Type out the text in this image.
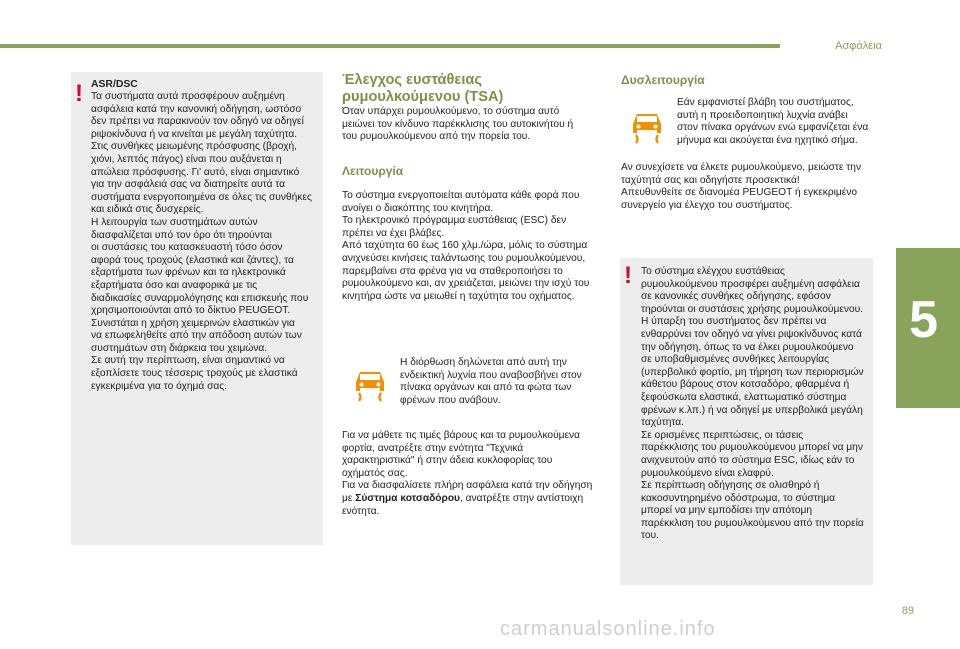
Ασφάλεια
5
89
carmanualsonline.info
! ASR/DSC
Τα συστήματα αυτά προσφέρουν αυξημένη
ασφάλεια κατά την κανονική οδήγηση, ωστόσο
δεν πρέπει να παρακινούν τον οδηγό να οδηγεί
ριψοκίνδυνα ή να κινείται με μεγάλη ταχύτητα.
Στις συνθήκες μειωμένης πρόσφυσης (βροχή,
χιόνι, λεπτός πάγος) είναι που αυξάνεται η
απώλεια πρόσφυσης. Γι' αυτό, είναι σημαντικό
για την ασφάλειά σας να διατηρείτε αυτά τα
συστήματα ενεργοποιημένα σε όλες τις συνθήκες
και ειδικά στις δυσχερείς.
Η λειτουργία των συστημάτων αυτών
διασφαλίζεται υπό τον όρο ότι τηρούνται
οι συστάσεις του κατασκευαστή τόσο όσον
αφορά τους τροχούς (ελαστικά και ζάντες), τα
εξαρτήματα των φρένων και τα ηλεκτρονικά
εξαρτήματα όσο και αναφορικά με τις
διαδικασίες συναρμολόγησης και επισκευής που
χρησιμοποιούνται από το δίκτυο PEUGEOT.
Συνιστάται η χρήση χειμερινών ελαστικών για
να επωφεληθείτε από την απόδοση αυτών των
συστημάτων στη διάρκεια του χειμώνα.
Σε αυτή την περίπτωση, είναι σημαντικό να
εξοπλίσετε τους τέσσερις τροχούς με ελαστικά
εγκεκριμένα για το όχημά σας.
Έλεγχος ευστάθειας ρυμουλκούμενου (TSA)
Όταν υπάρχει ρυμουλκούμενο, το σύστημα αυτό
μειώνει τον κίνδυνο παρέκκλισης του αυτοκινήτου ή
του ρυμουλκούμενου από την πορεία του.
Λειτουργία
Το σύστημα ενεργοποιείται αυτόματα κάθε φορά που
ανοίγει ο διακόπτης του κινητήρα.
Το ηλεκτρονικό πρόγραμμα ευστάθειας (ESC) δεν
πρέπει να έχει βλάβες.
Από ταχύτητα 60 έως 160 χλμ./ώρα, μόλις το σύστημα
ανιχνεύσει κινήσεις ταλάντωσης του ρυμουλκούμενου,
παρεμβαίνει στα φρένα για να σταθεροποιήσει το
ρυμουλκούμενο και, αν χρειάζεται, μειώνει την ισχύ του
κινητήρα ώστε να μειωθεί η ταχύτητα του οχήματος.
Η διόρθωση δηλώνεται από αυτή την
ενδεικτική λυχνία που αναβοσβήνει στον
πίνακα οργάνων και από τα φώτα των
φρένων που ανάβουν.
Για να μάθετε τις τιμές βάρους και τα ρυμουλκούμενα
φορτία, ανατρέξτε στην ενότητα "Τεχνικά
χαρακτηριστικά" ή στην άδεια κυκλοφορίας του
οχήματός σας.
Για να διασφαλίσετε πλήρη ασφάλεια κατά την οδήγηση
με Σύστημα κοτσαδόρου, ανατρέξτε στην αντίστοιχη
ενότητα.
Δυσλειτουργία
Εάν εμφανιστεί βλάβη του συστήματος,
αυτή η προειδοποιητική λυχνία ανάβει
στον πίνακα οργάνων ενώ εμφανίζεται ένα
μήνυμα και ακούγεται ένα ηχητικό σήμα.
Αν συνεχίσετε να έλκετε ρυμουλκούμενο, μειώστε την
ταχύτητά σας και οδηγήστε προσεκτικά!
Απευθυνθείτε σε διανομέα PEUGEOT ή εγκεκριμένο
συνεργείο για έλεγχο του συστήματος.
! Το σύστημα ελέγχου ευστάθειας
ρυμουλκούμενου προσφέρει αυξημένη ασφάλεια
σε κανονικές συνθήκες οδήγησης, εφόσον
τηρούνται οι συστάσεις χρήσης ρυμουλκούμενου.
Η ύπαρξη του συστήματος δεν πρέπει να
ενθαρρύνει τον οδηγό να γίνει ριψοκίνδυνος κατά
την οδήγηση, όπως το να έλκει ρυμουλκούμενο
σε υποβαθμισμένες συνθήκες λειτουργίας
(υπερβολικό φορτίο, μη τήρηση των περιορισμών
κάθετου βάρους στον κοτσαδόρο, φθαρμένα ή
ξεφούσκωτα ελαστικά, ελαττωματικό σύστημα
φρένων κ.λπ.) ή να οδηγεί με υπερβολικά μεγάλη
ταχύτητα.
Σε ορισμένες περιπτώσεις, οι τάσεις
παρέκκλισης του ρυμουλκούμενου μπορεί να μην
ανιχνευτούν από το σύστημα ESC, ιδίως εάν το
ρυμουλκούμενο είναι ελαφρύ.
Σε περίπτωση οδήγησης σε ολισθηρό ή
κακοσυντηρημένο οδόστρωμα, το σύστημα
μπορεί να μην εμποδίσει την απότομη
παρέκκλιση του ρυμουλκούμενου από την πορεία
του.
